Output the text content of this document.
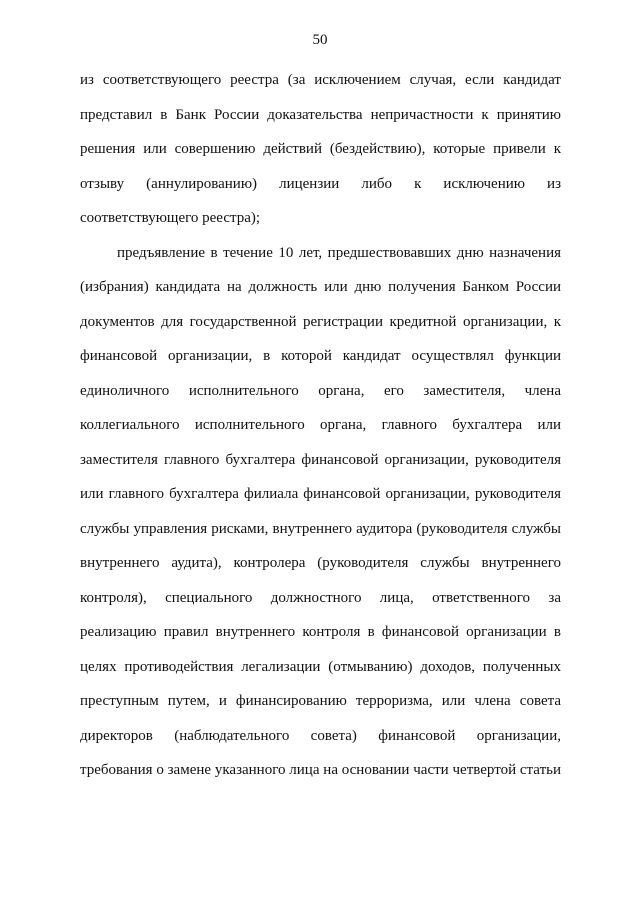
50
из соответствующего реестра (за исключением случая, если кандидат
представил в Банк России доказательства непричастности к принятию
решения или совершению действий (бездействию), которые привели к
отзыву (аннулированию) лицензии либо к исключению из
соответствующего реестра);
предъявление в течение 10 лет, предшествовавших дню назначения
(избрания) кандидата на должность или дню получения Банком России
документов для государственной регистрации кредитной организации, к
финансовой организации, в которой кандидат осуществлял функции
единоличного исполнительного органа, его заместителя, члена
коллегиального исполнительного органа, главного бухгалтера или
заместителя главного бухгалтера финансовой организации, руководителя
или главного бухгалтера филиала финансовой организации, руководителя
службы управления рисками, внутреннего аудитора (руководителя службы
внутреннего аудита), контролера (руководителя службы внутреннего
контроля), специального должностного лица, ответственного за
реализацию правил внутреннего контроля в финансовой организации в
целях противодействия легализации (отмыванию) доходов, полученных
преступным путем, и финансированию терроризма, или члена совета
директоров (наблюдательного совета) финансовой организации,
требования о замене указанного лица на основании части четвертой статьи
